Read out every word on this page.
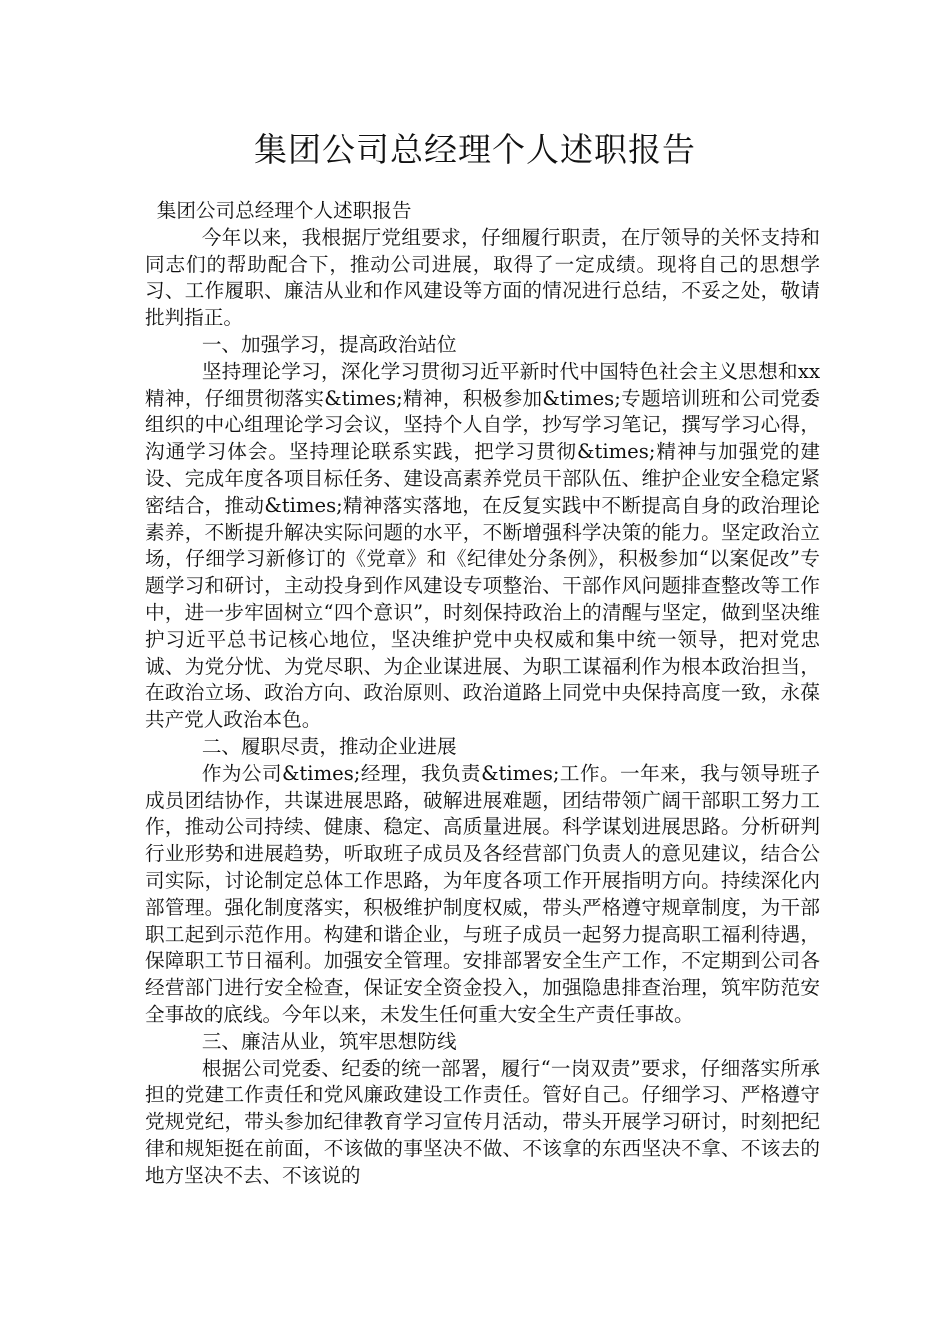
集团公司总经理个人述职报告

集团公司总经理个人述职报告

今年以来，我根据厅党组要求，仔细履行职责，在厅领导的关怀支持和同志们的帮助配合下，推动公司进展，取得了一定成绩。现将自己的思想学习、工作履职、廉洁从业和作风建设等方面的情况进行总结，不妥之处，敬请批判指正。

一、加强学习，提高政治站位

坚持理论学习，深化学习贯彻习近平新时代中国特色社会主义思想和xx精神，仔细贯彻落实&times;精神，积极参加&times;专题培训班和公司党委组织的中心组理论学习会议，坚持个人自学，抄写学习笔记，撰写学习心得，沟通学习体会。坚持理论联系实践，把学习贯彻&times;精神与加强党的建设、完成年度各项目标任务、建设高素养党员干部队伍、维护企业安全稳定紧密结合，推动&times;精神落实落地，在反复实践中不断提高自身的政治理论素养，不断提升解决实际问题的水平，不断增强科学决策的能力。坚定政治立场，仔细学习新修订的《党章》和《纪律处分条例》，积极参加“以案促改”专题学习和研讨，主动投身到作风建设专项整治、干部作风问题排查整改等工作中，进一步牢固树立“四个意识”，时刻保持政治上的清醒与坚定，做到坚决维护习近平总书记核心地位，坚决维护党中央权威和集中统一领导，把对党忠诚、为党分忧、为党尽职、为企业谋进展、为职工谋福利作为根本政治担当，在政治立场、政治方向、政治原则、政治道路上同党中央保持高度一致，永葆共产党人政治本色。

二、履职尽责，推动企业进展

作为公司&times;经理，我负责&times;工作。一年来，我与领导班子成员团结协作，共谋进展思路，破解进展难题，团结带领广阔干部职工努力工作，推动公司持续、健康、稳定、高质量进展。科学谋划进展思路。分析研判行业形势和进展趋势，听取班子成员及各经营部门负责人的意见建议，结合公司实际，讨论制定总体工作思路，为年度各项工作开展指明方向。持续深化内部管理。强化制度落实，积极维护制度权威，带头严格遵守规章制度，为干部职工起到示范作用。构建和谐企业，与班子成员一起努力提高职工福利待遇，保障职工节日福利。加强安全管理。安排部署安全生产工作，不定期到公司各经营部门进行安全检查，保证安全资金投入，加强隐患排查治理，筑牢防范安全事故的底线。今年以来，未发生任何重大安全生产责任事故。

三、廉洁从业，筑牢思想防线

根据公司党委、纪委的统一部署，履行“一岗双责”要求，仔细落实所承担的党建工作责任和党风廉政建设工作责任。管好自己。仔细学习、严格遵守党规党纪，带头参加纪律教育学习宣传月活动，带头开展学习研讨，时刻把纪律和规矩挺在前面，不该做的事坚决不做、不该拿的东西坚决不拿、不该去的地方坚决不去、不该说的
